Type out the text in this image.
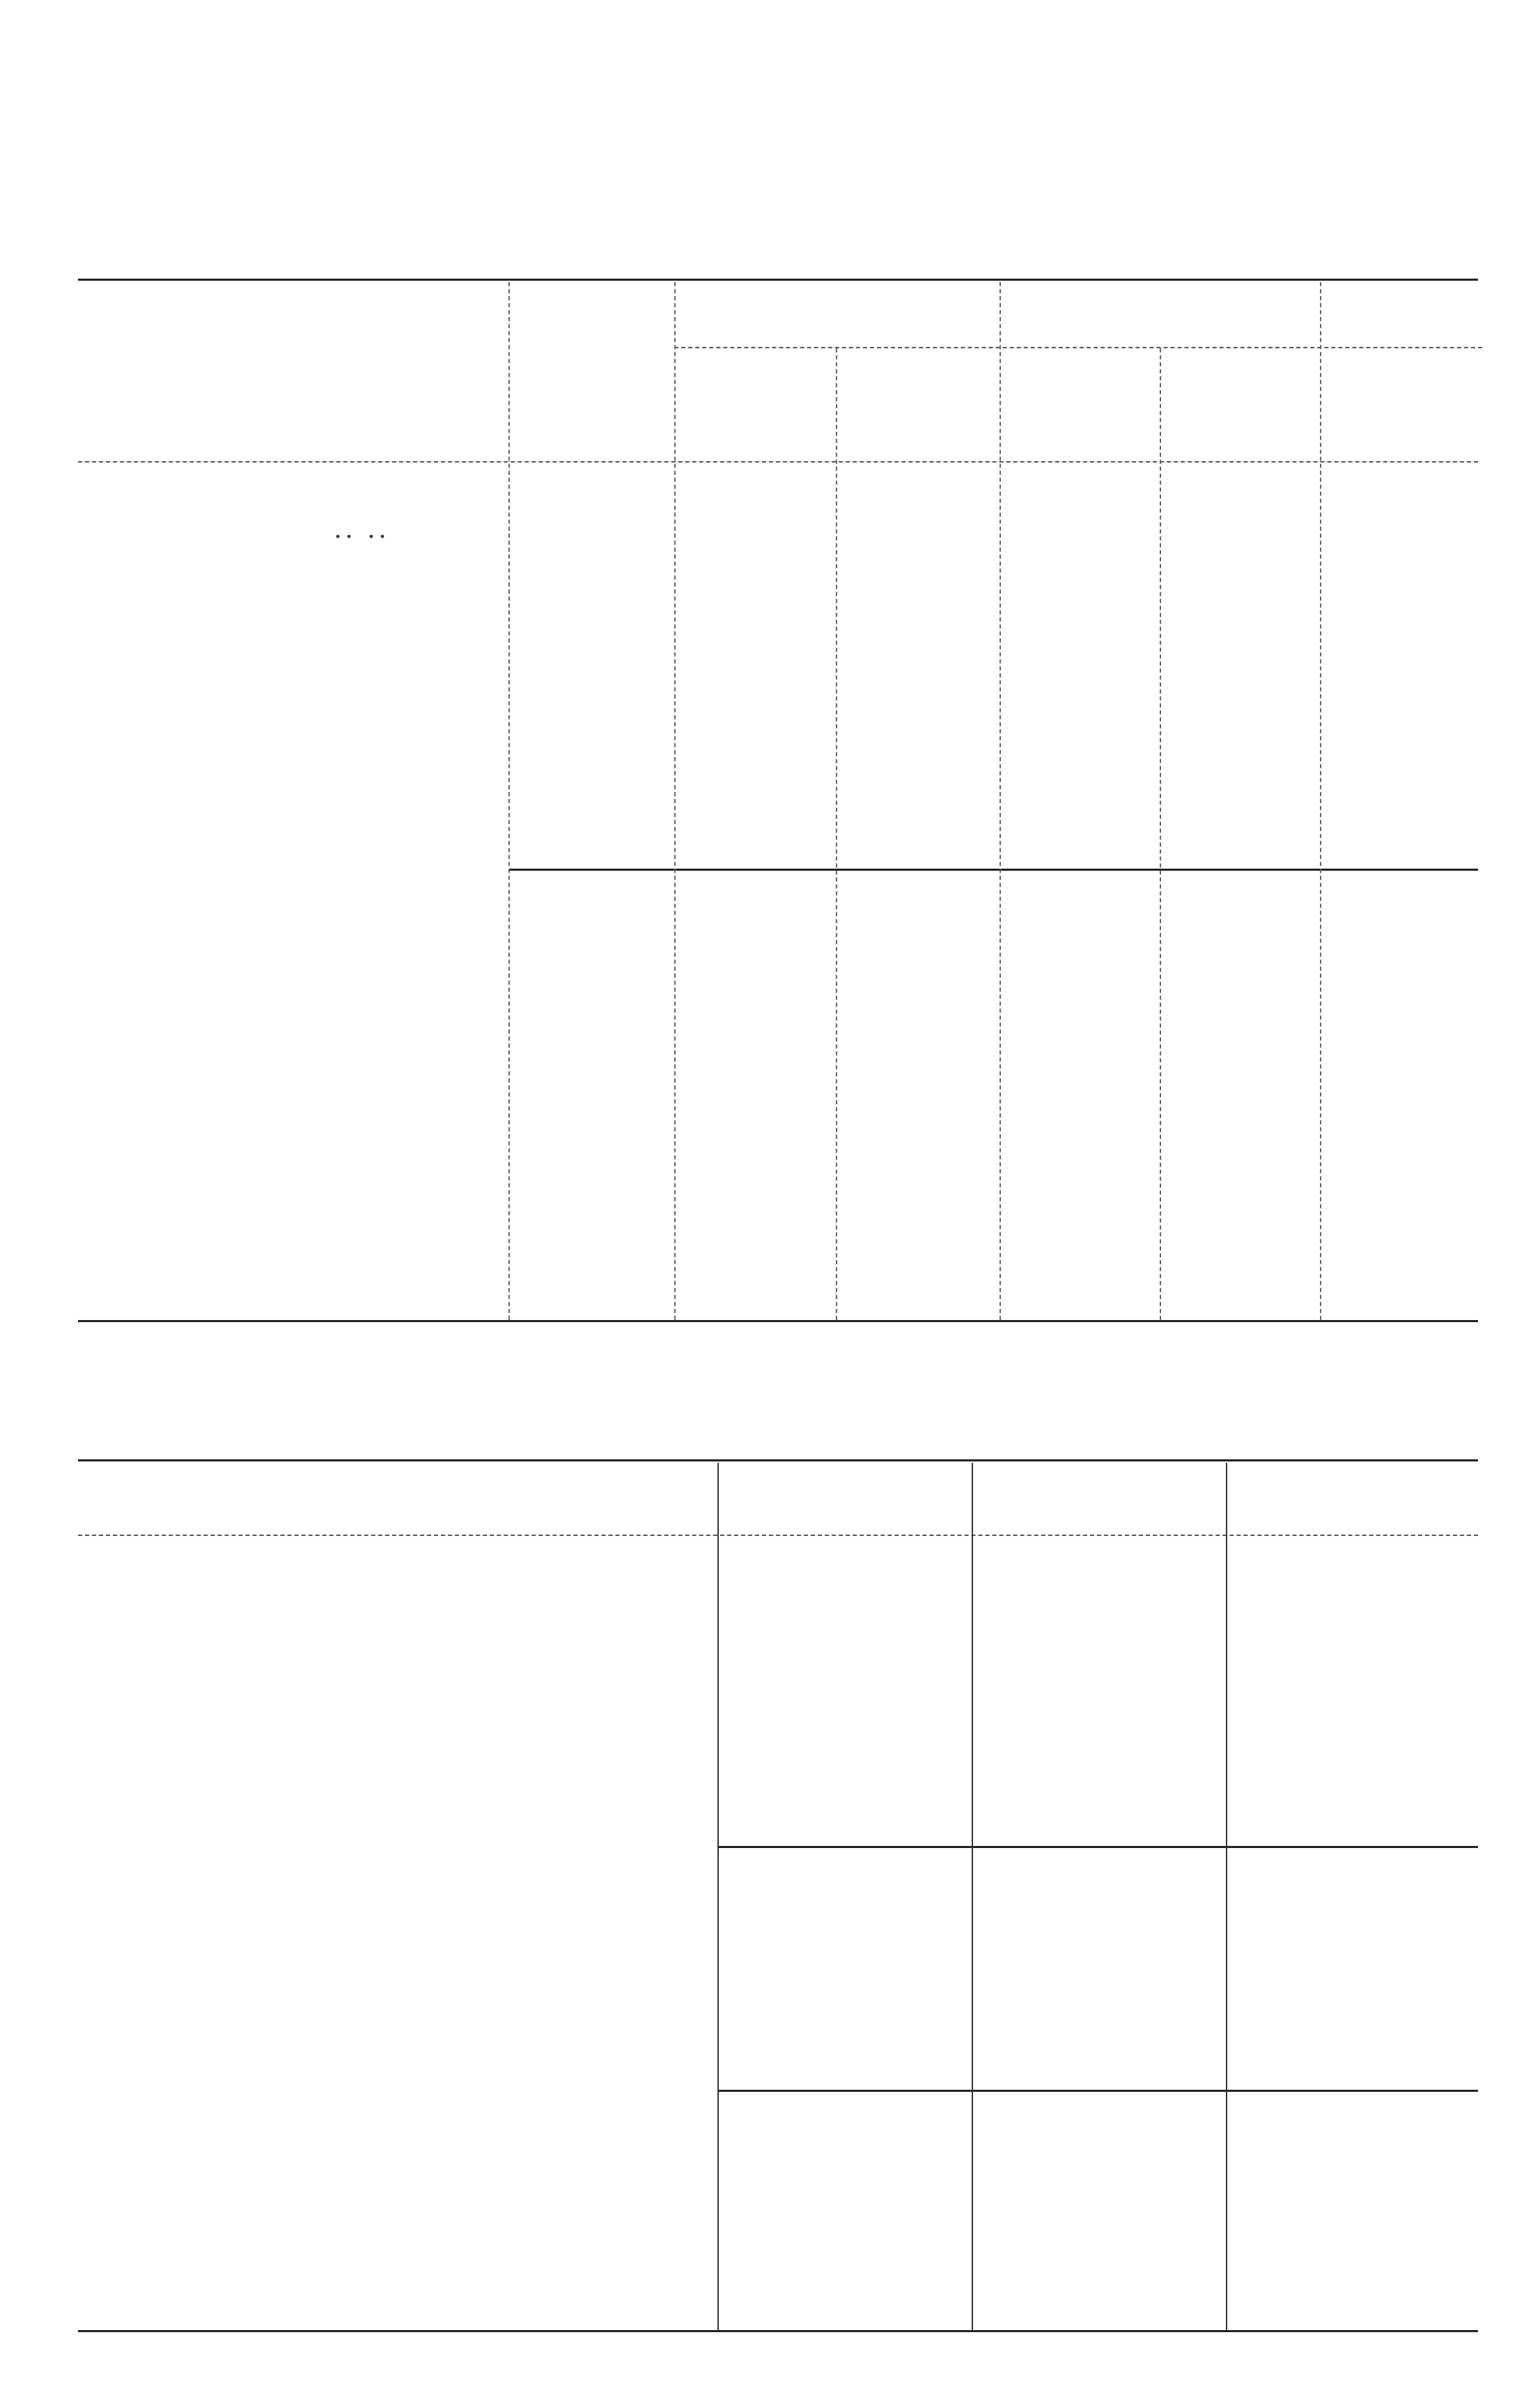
.. ..
